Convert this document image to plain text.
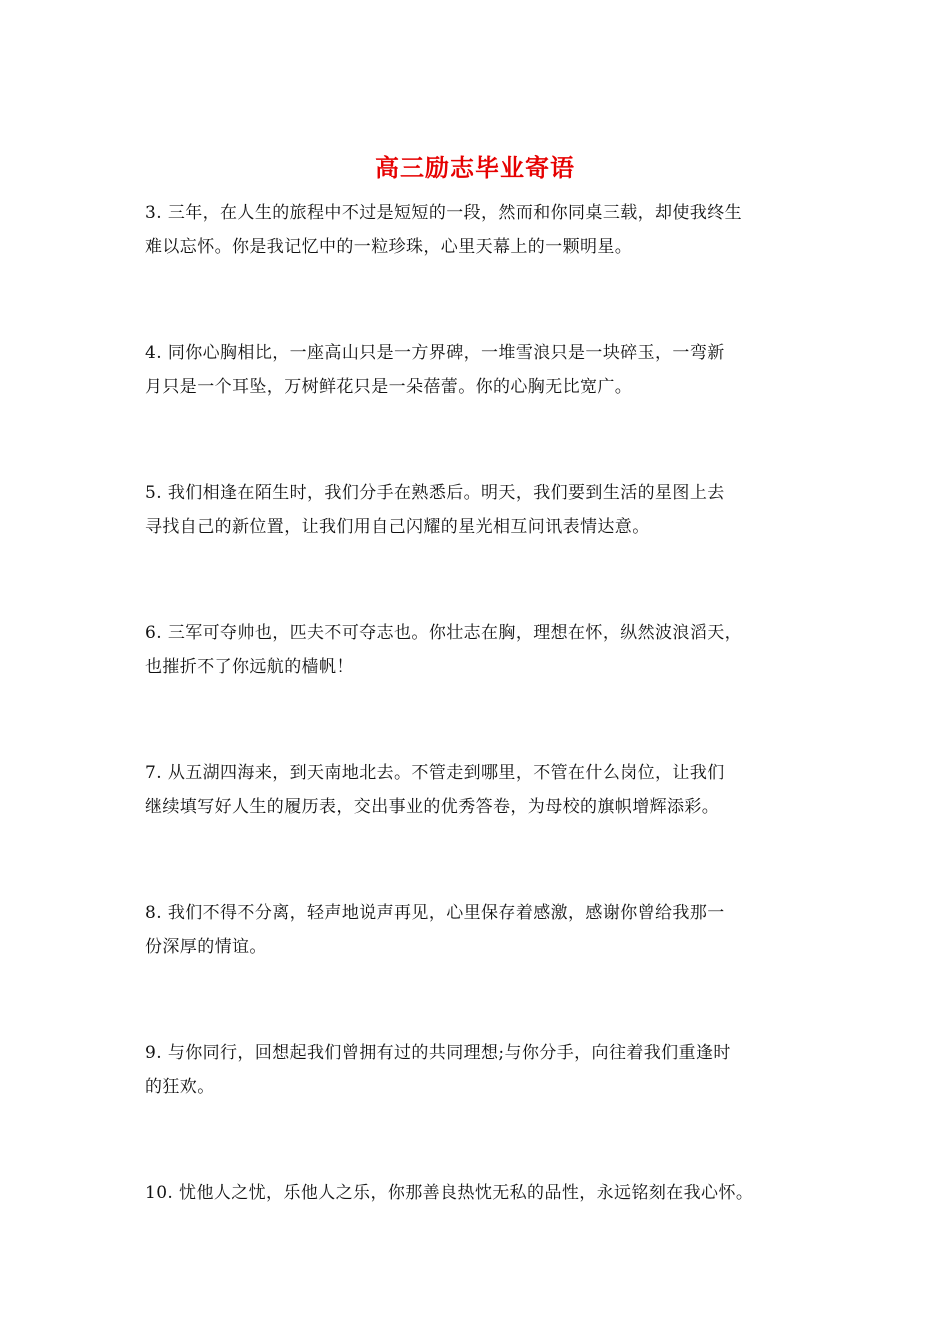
高三励志毕业寄语
3. 三年，在人生的旅程中不过是短短的一段，然而和你同桌三载，却使我终生
难以忘怀。你是我记忆中的一粒珍珠，心里天幕上的一颗明星。
4. 同你心胸相比，一座高山只是一方界碑，一堆雪浪只是一块碎玉，一弯新
月只是一个耳坠，万树鲜花只是一朵蓓蕾。你的心胸无比宽广。
5. 我们相逢在陌生时，我们分手在熟悉后。明天，我们要到生活的星图上去
寻找自己的新位置，让我们用自己闪耀的星光相互问讯表情达意。
6. 三军可夺帅也，匹夫不可夺志也。你壮志在胸，理想在怀，纵然波浪滔天，
也摧折不了你远航的樯帆！
7. 从五湖四海来，到天南地北去。不管走到哪里，不管在什么岗位，让我们
继续填写好人生的履历表，交出事业的优秀答卷，为母校的旗帜增辉添彩。
8. 我们不得不分离，轻声地说声再见，心里保存着感激，感谢你曾给我那一
份深厚的情谊。
9. 与你同行，回想起我们曾拥有过的共同理想;与你分手，向往着我们重逢时
的狂欢。
10. 忧他人之忧，乐他人之乐，你那善良热忱无私的品性，永远铭刻在我心怀。
